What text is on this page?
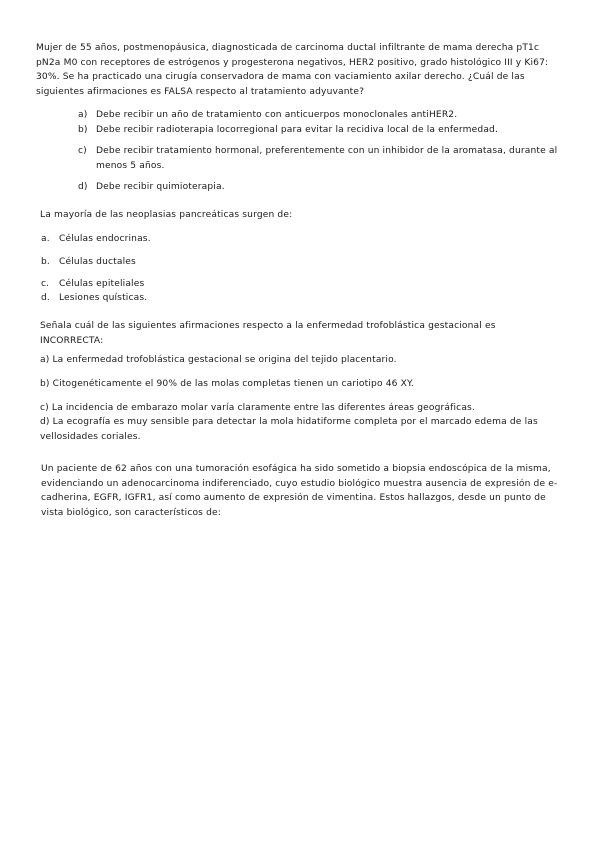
Mujer de 55 años, postmenopáusica, diagnosticada de carcinoma ductal infiltrante de mama derecha pT1c pN2a M0 con receptores de estrógenos y progesterona negativos, HER2 positivo, grado histológico III y Ki67: 30%. Se ha practicado una cirugía conservadora de mama con vaciamiento axilar derecho. ¿Cuál de las siguientes afirmaciones es FALSA respecto al tratamiento adyuvante?
a) Debe recibir un año de tratamiento con anticuerpos monoclonales antiHER2.
b) Debe recibir radioterapia locorregional para evitar la recidiva local de la enfermedad.
c)	Debe recibir tratamiento hormonal, preferentemente con un inhibidor de la aromatasa, durante al menos 5 años.
d) Debe recibir quimioterapia.
La mayoría de las neoplasias pancreáticas surgen de:
a.	Células endocrinas.
b. Células ductales
c.	Células epiteliales
d. Lesiones quísticas.
Señala cuál de las siguientes afirmaciones respecto a la enfermedad trofoblástica gestacional es INCORRECTA:
a) La enfermedad trofoblástica gestacional se origina del tejido placentario.
b) Citogenéticamente el 90% de las molas completas tienen un cariotipo 46 XY.
c) La incidencia de embarazo molar varía claramente entre las diferentes áreas geográficas.
d) La ecografía es muy sensible para detectar la mola hidatiforme completa por el marcado edema de las vellosidades coriales.
Un paciente de 62 años con una tumoración esofágica ha sido sometido a biopsia endoscópica de la misma, evidenciando un adenocarcinoma indiferenciado, cuyo estudio biológico muestra ausencia de expresión de e-cadherina, EGFR, IGFR1, así como aumento de expresión de vimentina. Estos hallazgos, desde un punto de vista biológico, son característicos de:
